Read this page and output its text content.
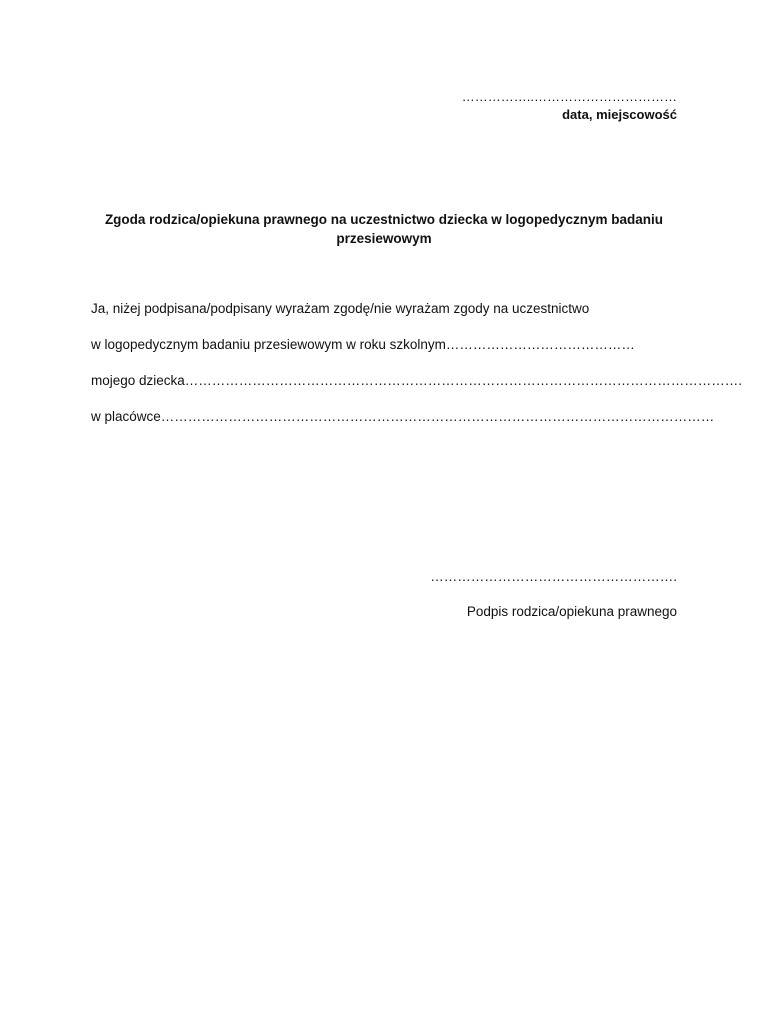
……………..……………………………
data, miejscowość
Zgoda rodzica/opiekuna prawnego na uczestnictwo dziecka w logopedycznym badaniu
przesiewowym
Ja, niżej podpisana/podpisany wyrażam zgodę/nie wyrażam zgody na uczestnictwo
w logopedycznym badaniu przesiewowym w roku szkolnym……………………………………
mojego dziecka…………………………………………………………………………………………………………….
w placówce……………………………………………………………………………………………………………
……………………………………………….
Podpis rodzica/opiekuna prawnego
